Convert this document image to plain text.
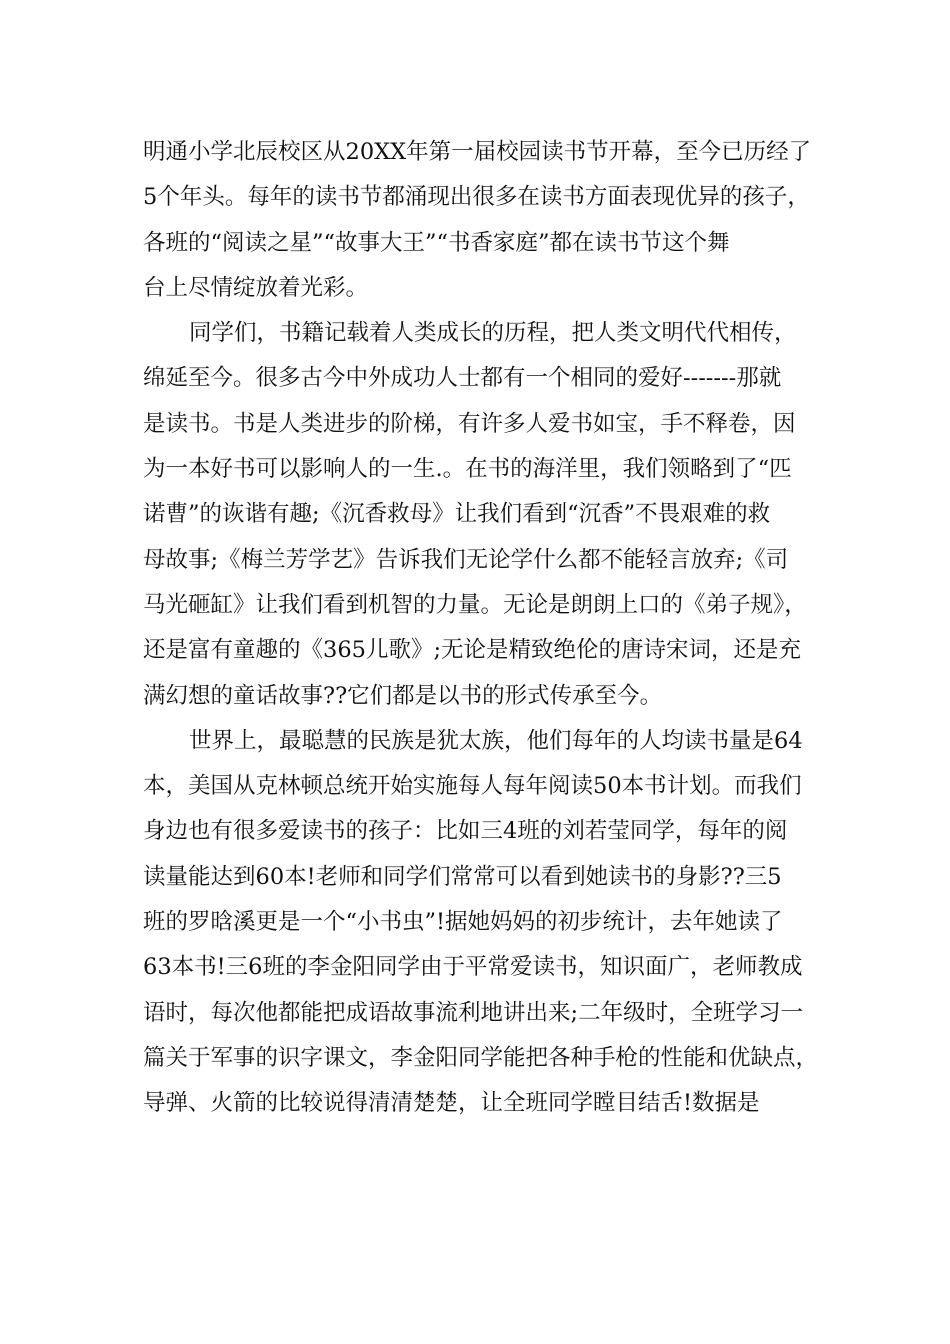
明通小学北辰校区从20XX年第一届校园读书节开幕，至今已历经了
5个年头。每年的读书节都涌现出很多在读书方面表现优异的孩子，
各班的“阅读之星”“故事大王”“书香家庭”都在读书节这个舞
台上尽情绽放着光彩。
同学们，书籍记载着人类成长的历程，把人类文明代代相传，
绵延至今。很多古今中外成功人士都有一个相同的爱好-------那就
是读书。书是人类进步的阶梯，有许多人爱书如宝，手不释卷，因
为一本好书可以影响人的一生.。在书的海洋里，我们领略到了“匹
诺曹”的诙谐有趣;《沉香救母》让我们看到“沉香”不畏艰难的救
母故事;《梅兰芳学艺》告诉我们无论学什么都不能轻言放弃;《司
马光砸缸》让我们看到机智的力量。无论是朗朗上口的《弟子规》，
还是富有童趣的《365儿歌》;无论是精致绝伦的唐诗宋词，还是充
满幻想的童话故事??它们都是以书的形式传承至今。
世界上，最聪慧的民族是犹太族，他们每年的人均读书量是64
本，美国从克林顿总统开始实施每人每年阅读50本书计划。而我们
身边也有很多爱读书的孩子：比如三4班的刘若莹同学，每年的阅
读量能达到60本!老师和同学们常常可以看到她读书的身影??三5
班的罗晗溪更是一个“小书虫”!据她妈妈的初步统计，去年她读了
63本书!三6班的李金阳同学由于平常爱读书，知识面广，老师教成
语时，每次他都能把成语故事流利地讲出来;二年级时，全班学习一
篇关于军事的识字课文，李金阳同学能把各种手枪的性能和优缺点，
导弹、火箭的比较说得清清楚楚，让全班同学瞠目结舌!数据是
